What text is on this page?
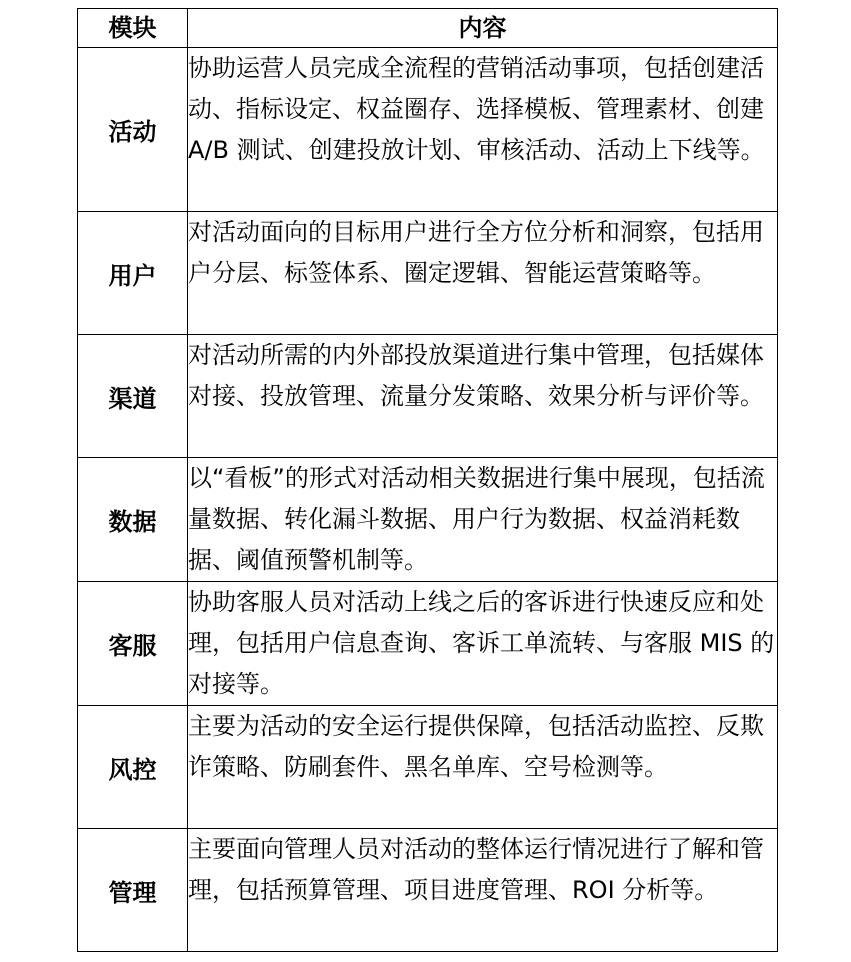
模块	内容
活动	协助运营人员完成全流程的营销活动事项，包括创建活动、指标设定、权益圈存、选择模板、管理素材、创建 A/B 测试、创建投放计划、审核活动、活动上下线等。
用户	对活动面向的目标用户进行全方位分析和洞察，包括用户分层、标签体系、圈定逻辑、智能运营策略等。
渠道	对活动所需的内外部投放渠道进行集中管理，包括媒体对接、投放管理、流量分发策略、效果分析与评价等。
数据	以“看板”的形式对活动相关数据进行集中展现，包括流量数据、转化漏斗数据、用户行为数据、权益消耗数据、阈值预警机制等。
客服	协助客服人员对活动上线之后的客诉进行快速反应和处理，包括用户信息查询、客诉工单流转、与客服 MIS 的对接等。
风控	主要为活动的安全运行提供保障，包括活动监控、反欺诈策略、防刷套件、黑名单库、空号检测等。
管理	主要面向管理人员对活动的整体运行情况进行了解和管理，包括预算管理、项目进度管理、ROI 分析等。
